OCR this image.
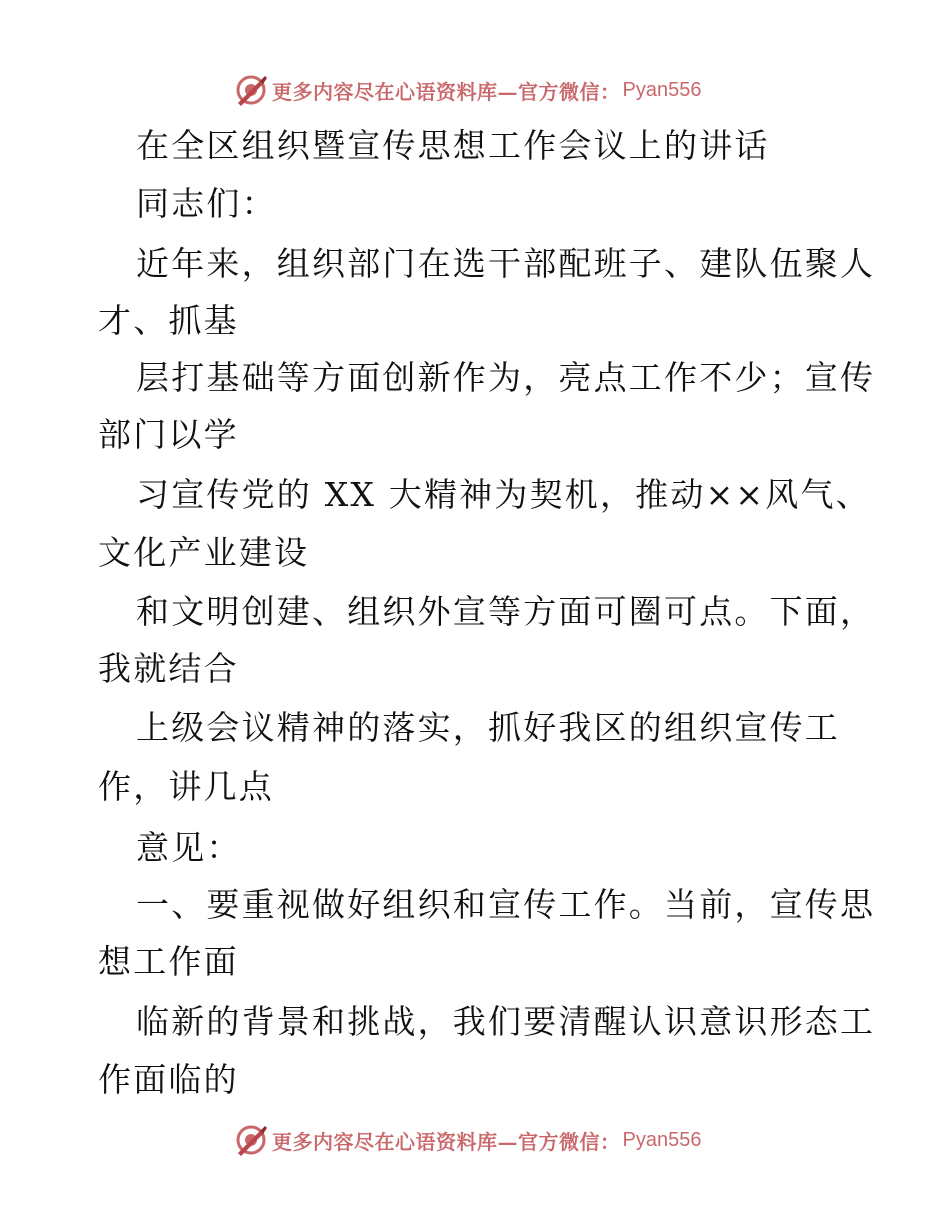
更多内容尽在心语资料库—官方微信： Pyan556
在全区组织暨宣传思想工作会议上的讲话
同志们：
近年来，组织部门在选干部配班子、建队伍聚人
才、抓基
层打基础等方面创新作为，亮点工作不少；宣传
部门以学
习宣传党的 XX 大精神为契机，推动××风气、
文化产业建设
和文明创建、组织外宣等方面可圈可点。下面，
我就结合
上级会议精神的落实，抓好我区的组织宣传工
作，讲几点
意见：
一、要重视做好组织和宣传工作。当前，宣传思
想工作面
临新的背景和挑战，我们要清醒认识意识形态工
作面临的
更多内容尽在心语资料库—官方微信： Pyan556
